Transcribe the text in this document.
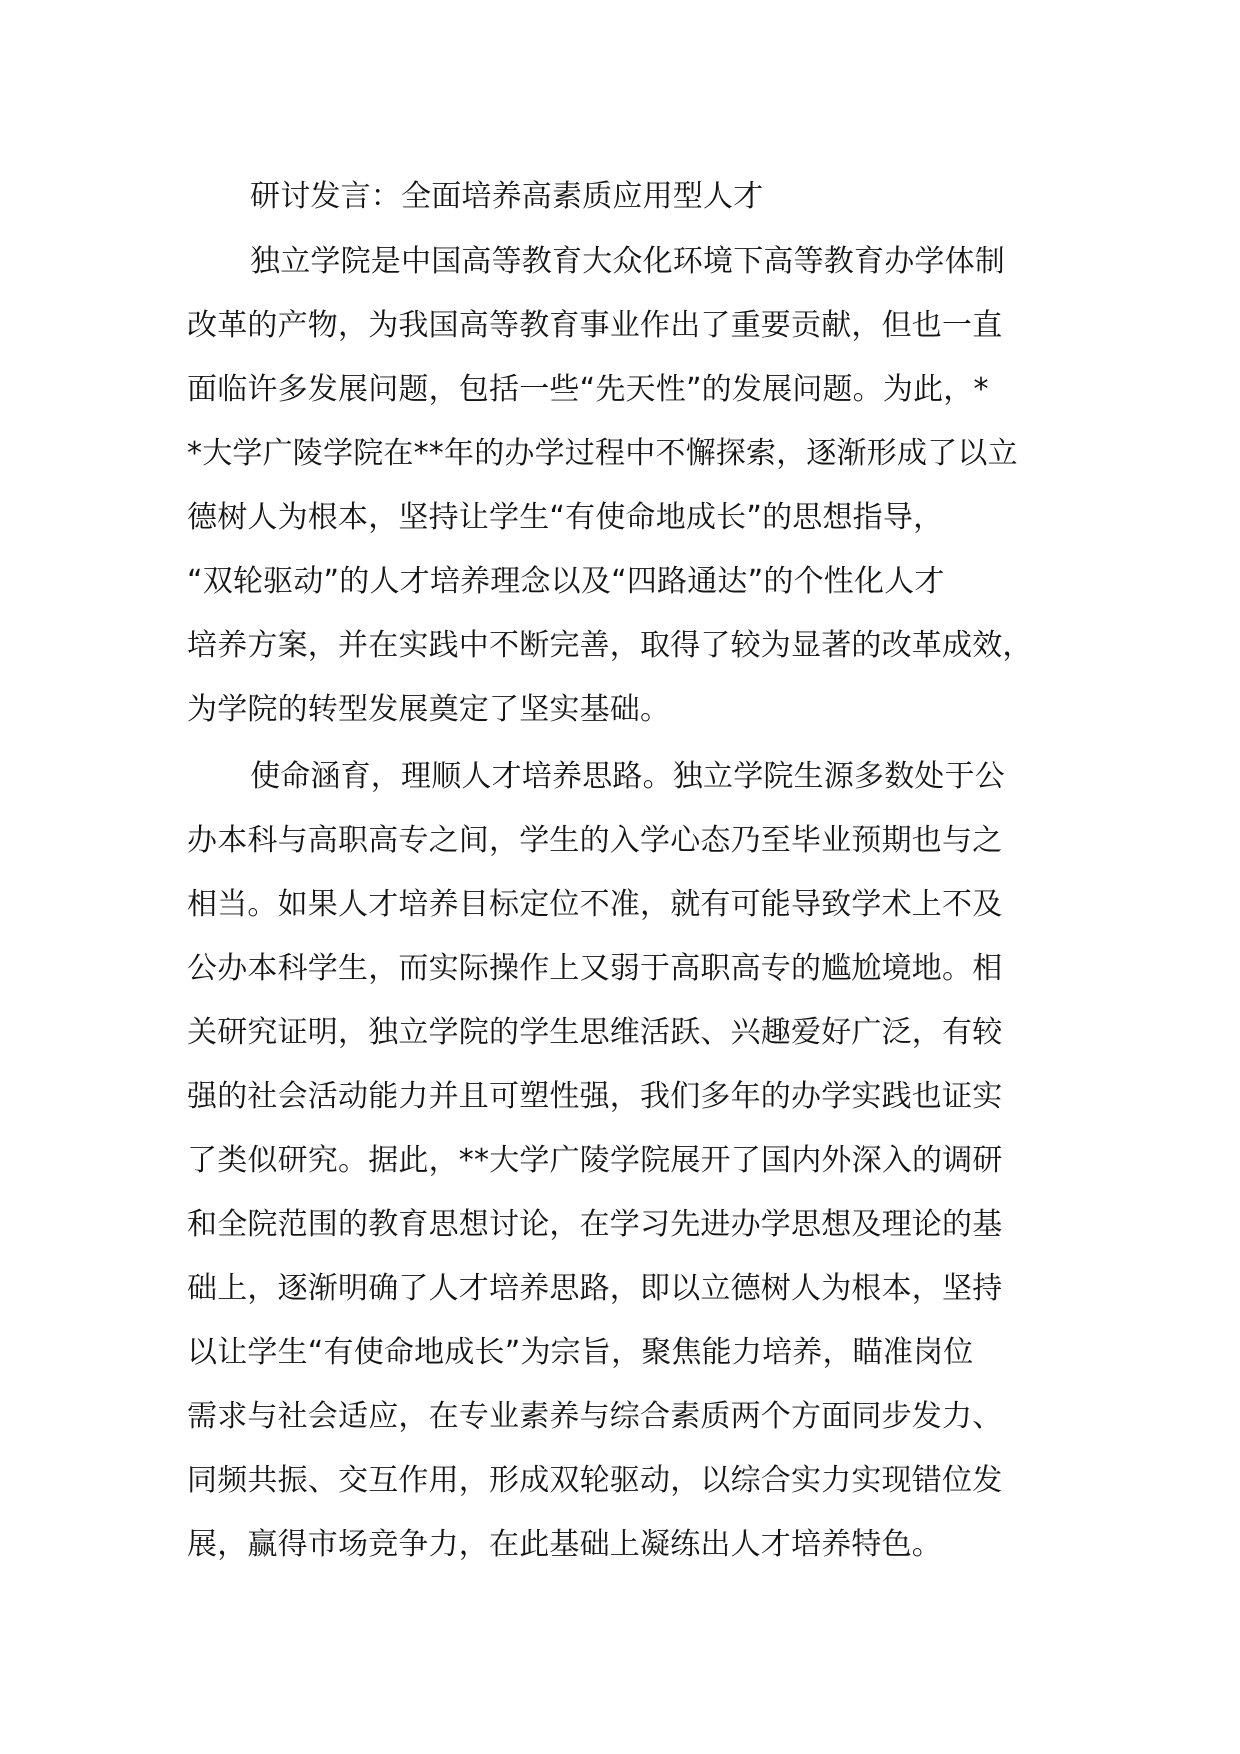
研讨发言：全面培养高素质应用型人才
独立学院是中国高等教育大众化环境下高等教育办学体制
改革的产物，为我国高等教育事业作出了重要贡献，但也一直
面临许多发展问题，包括一些“先天性”的发展问题。为此，*
*大学广陵学院在**年的办学过程中不懈探索，逐渐形成了以立
德树人为根本，坚持让学生“有使命地成长”的思想指导，
“双轮驱动”的人才培养理念以及“四路通达”的个性化人才
培养方案，并在实践中不断完善，取得了较为显著的改革成效，
为学院的转型发展奠定了坚实基础。
使命涵育，理顺人才培养思路。独立学院生源多数处于公
办本科与高职高专之间，学生的入学心态乃至毕业预期也与之
相当。如果人才培养目标定位不准，就有可能导致学术上不及
公办本科学生，而实际操作上又弱于高职高专的尴尬境地。相
关研究证明，独立学院的学生思维活跃、兴趣爱好广泛，有较
强的社会活动能力并且可塑性强，我们多年的办学实践也证实
了类似研究。据此，**大学广陵学院展开了国内外深入的调研
和全院范围的教育思想讨论，在学习先进办学思想及理论的基
础上，逐渐明确了人才培养思路，即以立德树人为根本，坚持
以让学生“有使命地成长”为宗旨，聚焦能力培养，瞄准岗位
需求与社会适应，在专业素养与综合素质两个方面同步发力、
同频共振、交互作用，形成双轮驱动，以综合实力实现错位发
展，赢得市场竞争力，在此基础上凝练出人才培养特色。
